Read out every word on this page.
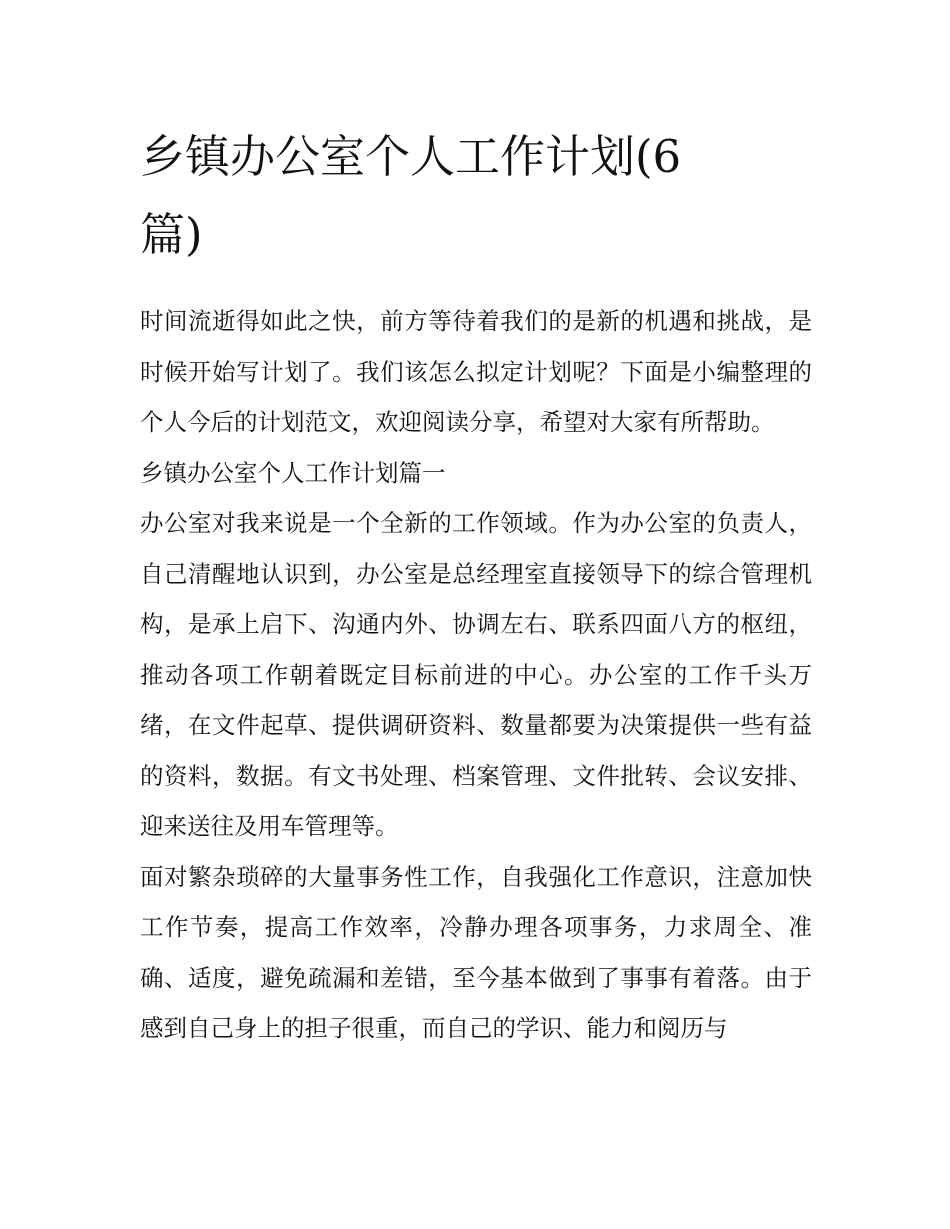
乡镇办公室个人工作计划(6篇)

时间流逝得如此之快，前方等待着我们的是新的机遇和挑战，是时候开始写计划了。我们该怎么拟定计划呢？下面是小编整理的个人今后的计划范文，欢迎阅读分享，希望对大家有所帮助。

乡镇办公室个人工作计划篇一

办公室对我来说是一个全新的工作领域。作为办公室的负责人，自己清醒地认识到，办公室是总经理室直接领导下的综合管理机构，是承上启下、沟通内外、协调左右、联系四面八方的枢纽，推动各项工作朝着既定目标前进的中心。办公室的工作千头万绪，在文件起草、提供调研资料、数量都要为决策提供一些有益的资料，数据。有文书处理、档案管理、文件批转、会议安排、迎来送往及用车管理等。

面对繁杂琐碎的大量事务性工作，自我强化工作意识，注意加快工作节奏，提高工作效率，冷静办理各项事务，力求周全、准确、适度，避免疏漏和差错，至今基本做到了事事有着落。由于感到自己身上的担子很重，而自己的学识、能力和阅历与
